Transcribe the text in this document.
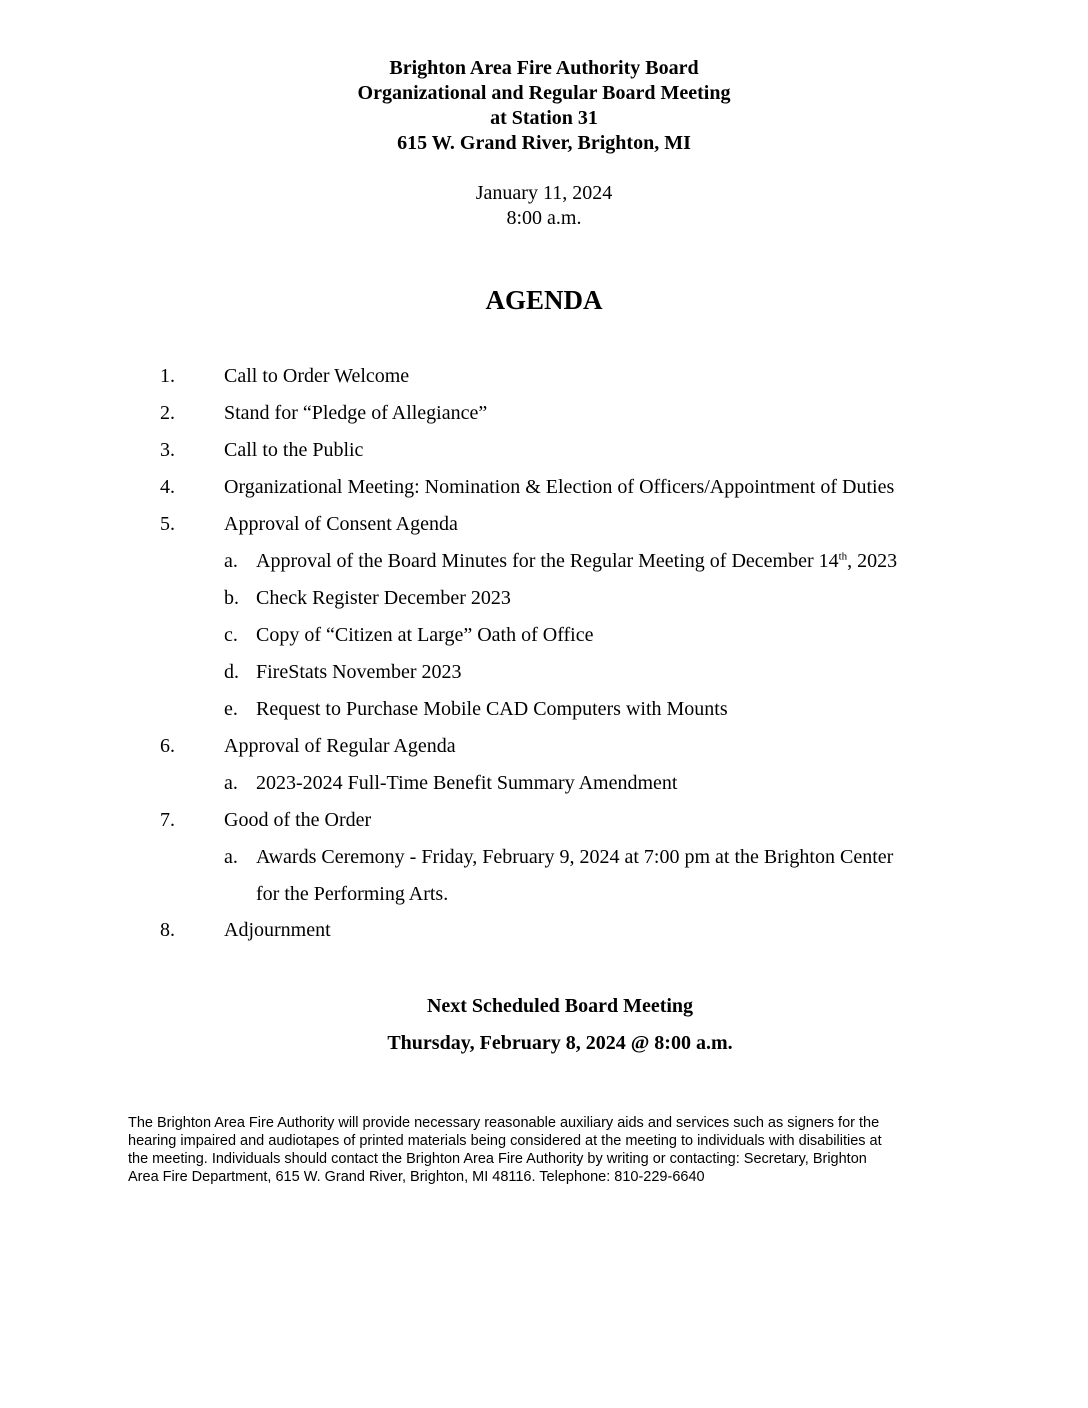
Brighton Area Fire Authority Board
Organizational and Regular Board Meeting
at Station 31
615 W. Grand River, Brighton, MI
January 11, 2024
8:00 a.m.
AGENDA
1. Call to Order Welcome
2. Stand for “Pledge of Allegiance”
3. Call to the Public
4. Organizational Meeting: Nomination & Election of Officers/Appointment of Duties
5. Approval of Consent Agenda
a. Approval of the Board Minutes for the Regular Meeting of December 14th, 2023
b. Check Register December 2023
c. Copy of “Citizen at Large” Oath of Office
d. FireStats November 2023
e. Request to Purchase Mobile CAD Computers with Mounts
6. Approval of Regular Agenda
a. 2023-2024 Full-Time Benefit Summary Amendment
7. Good of the Order
a. Awards Ceremony - Friday, February 9, 2024 at 7:00 pm at the Brighton Center
for the Performing Arts.
8. Adjournment
Next Scheduled Board Meeting
Thursday, February 8, 2024 @ 8:00 a.m.
The Brighton Area Fire Authority will provide necessary reasonable auxiliary aids and services such as signers for the
hearing impaired and audiotapes of printed materials being considered at the meeting to individuals with disabilities at
the meeting. Individuals should contact the Brighton Area Fire Authority by writing or contacting: Secretary, Brighton
Area Fire Department, 615 W. Grand River, Brighton, MI 48116. Telephone: 810-229-6640
